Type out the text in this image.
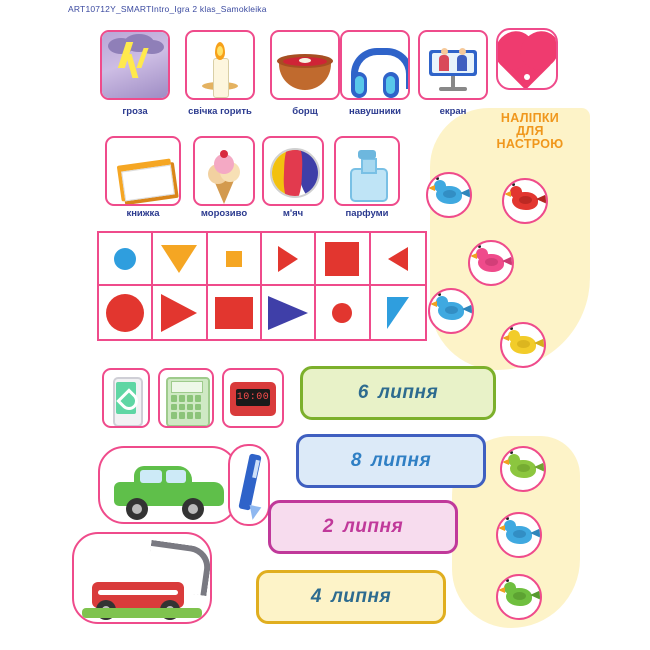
ART10712Y_SMARTIntro_Igra 2 klas_Samokleika
НАЛІПКИ
ДЛЯ
НАСТРОЮ
гроза	свічка горить	борщ	навушники	екран
книжка	морозиво	м'яч	парфуми
10:00	6 липня
8 липня
2 липня
4 липня
